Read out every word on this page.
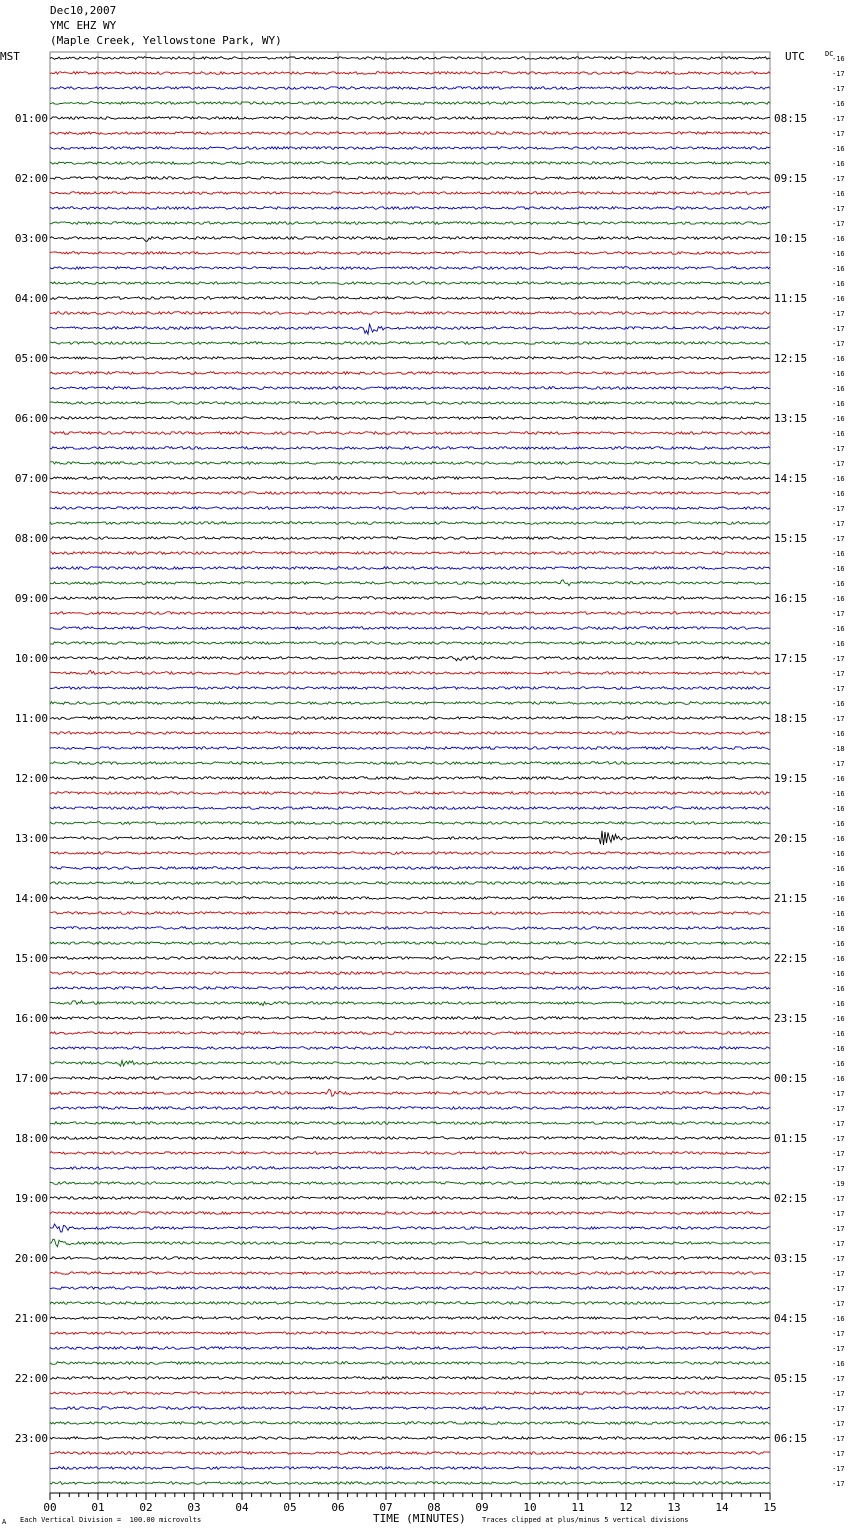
Dec10,2007
YMC EHZ WY
(Maple Creek, Yellowstone Park, WY)
MST	UTC	DC
-16
-17
-17
-16
-17
-17
-16
-16
-17
-16
-17
-17
-16
-16
-16
-16
-16
-17
-17
-17
-16
-16
-16
-16
-16
-16
-17
-17
-16
-16
-17
-17
-17
-16
-16
-16
-16
-17
-16
-16
-17
-17
-17
-16
-17
-16
-18
-17
-16
-16
-16
-16
-16
-16
-16
-16
-16
-16
-16
-16
-16
-16
-16
-16
-16
-16
-16
-16
-16
-17
-17
-17
-17
-17
-17
-19
-17
-17
-17
-17
-17
-17
-17
-17
-16
-17
-17
-16
-17
-17
-17
-17
-17
-17
-17
-17
01:00	08:15
02:00	09:15
03:00	10:15
04:00	11:15
05:00	12:15
06:00	13:15
07:00	14:15
08:00	15:15
09:00	16:15
10:00	17:15
11:00	18:15
12:00	19:15
13:00	20:15
14:00	21:15
15:00	22:15
16:00	23:15
17:00	00:15
18:00	01:15
19:00	02:15
20:00	03:15
21:00	04:15
22:00	05:15
23:00	06:15
00	01	02	03	04	05	06	07	08	09	10	11	12	13	14	15
TIME (MINUTES)
Each Vertical Division =  100.00 microvolts	Traces clipped at plus/minus 5 vertical divisions
A
